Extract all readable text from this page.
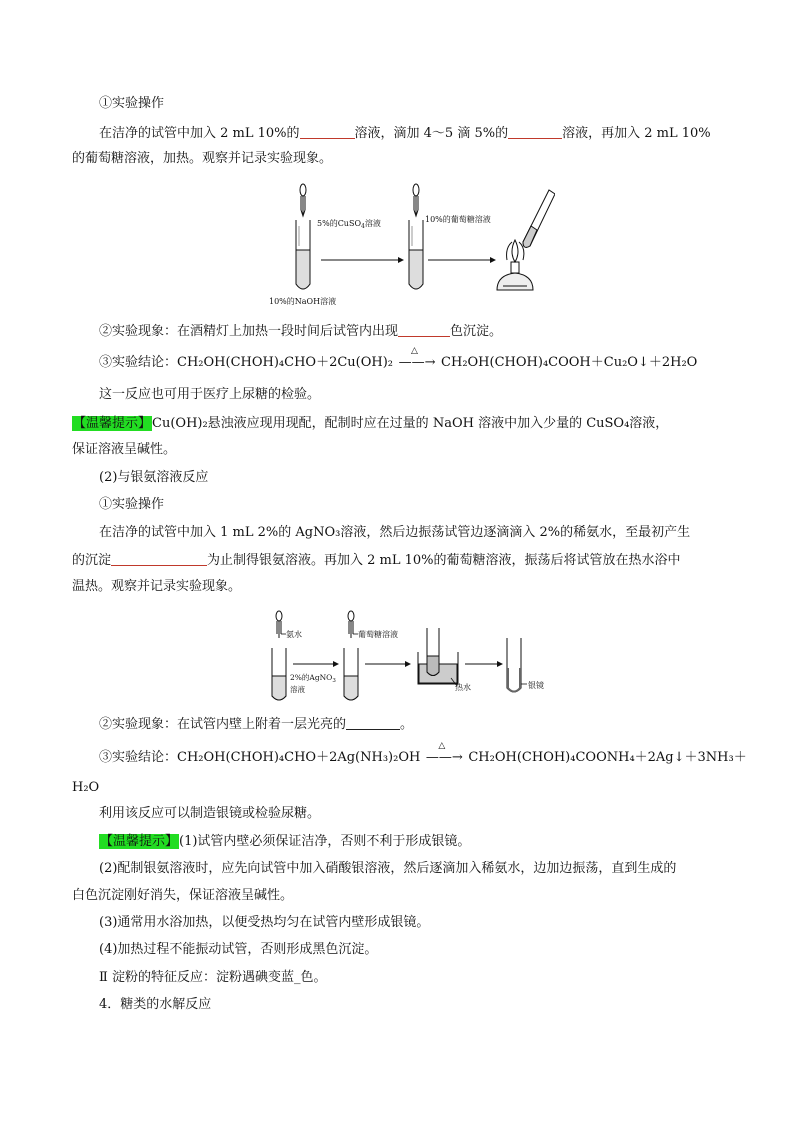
①实验操作
在洁净的试管中加入 2 mL 10%的	溶液，滴加 4～5 滴 5%的	溶液，再加入 2 mL 10%
的葡萄糖溶液，加热。观察并记录实验现象。
5%的CuSO$_4$溶液
10%的NaOH溶液
10%的葡萄糖溶液
②实验现象：在酒精灯上加热一段时间后试管内出现	色沉淀。
③实验结论：CH₂OH(CHOH)₄CHO＋2Cu(OH)₂
△
——→ CH₂OH(CHOH)₄COOH＋Cu₂O↓＋2H₂O
这一反应也可用于医疗上尿糖的检验。
【温馨提示】Cu(OH)₂悬浊液应现用现配，配制时应在过量的 NaOH 溶液中加入少量的 CuSO₄溶液，
保证溶液呈碱性。
(2)与银氨溶液反应
①实验操作
在洁净的试管中加入 1 mL 2%的 AgNO₃溶液，然后边振荡试管边逐滴滴入 2%的稀氨水，至最初产生
的沉淀	为止制得银氨溶液。再加入 2 mL 10%的葡萄糖溶液，振荡后将试管放在热水浴中
温热。观察并记录实验现象。
氨水
2%的AgNO$_3$
溶液
葡萄糖溶液
热水	银镜
②实验现象：在试管内壁上附着一层光亮的	。
③实验结论：CH₂OH(CHOH)₄CHO＋2Ag(NH₃)₂OH
△
——→ CH₂OH(CHOH)₄COONH₄＋2Ag↓＋3NH₃＋
H₂O
利用该反应可以制造银镜或检验尿糖。
【温馨提示】(1)试管内壁必须保证洁净，否则不利于形成银镜。
(2)配制银氨溶液时，应先向试管中加入硝酸银溶液，然后逐滴加入稀氨水，边加边振荡，直到生成的
白色沉淀刚好消失，保证溶液呈碱性。
(3)通常用水浴加热，以便受热均匀在试管内壁形成银镜。
(4)加热过程不能振动试管，否则形成黑色沉淀。
Ⅱ 淀粉的特征反应：淀粉遇碘变蓝_色。
4．糖类的水解反应
